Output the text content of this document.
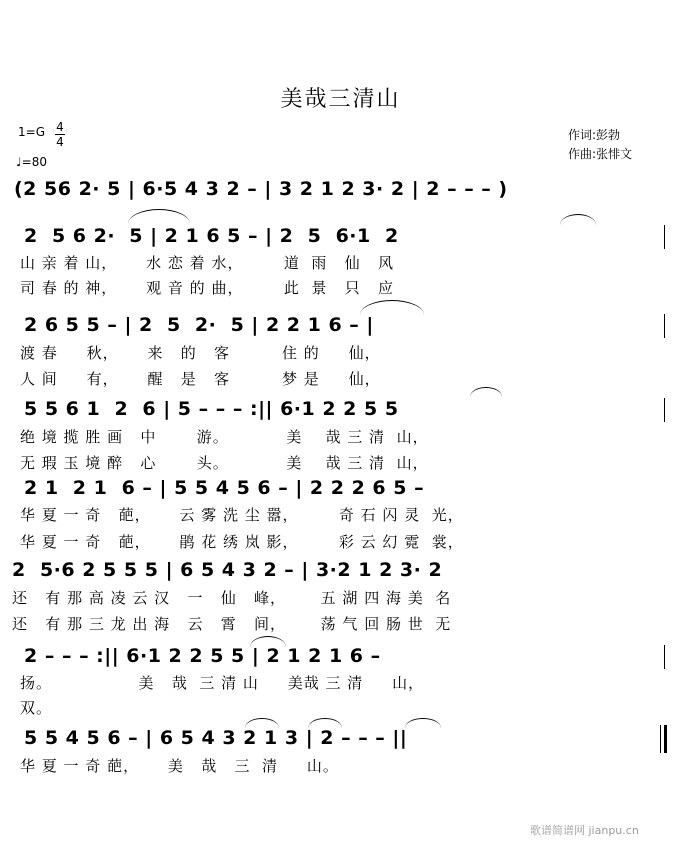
美哉三清山
1=G 4
4
♩=80
作词:彭勃
作曲:张悱文
(2 56 2· 5 | 6·5 4 3 2 – | 3 2 1 2 3· 2 | 2 – – – )
2  5 6 2·  5 | 2 1 6 5 – | 2  5  6·1  2
山 亲 着 山，     水 恋 着 水，       道  雨   仙   风
司 春 的 神，     观 音 的 曲，       此  景   只   应
2 6 5 5 – | 2  5  2·  5 | 2 2 1 6 – |
渡 春     秋，     来   的   客         住 的     仙，
人 间     有，     醒   是   客         梦 是     仙，
5 5 6 1  2  6 | 5 – – – :|| 6·1 2 2 5 5
绝 境 揽 胜 画   中       游。          美    哉 三 清  山，
无 瑕 玉 境 醉   心       头。          美    哉 三 清  山，
2 1  2 1  6 – | 5 5 4 5 6 – | 2 2 2 6 5 –
华 夏 一 奇   葩，     云 雾 洗 尘 嚣，       奇 石 闪 灵  光，
华 夏 一 奇   葩，     鹃 花 绣 岚 影，       彩 云 幻 霓  裳，
2  5·6 2 5 5 5 | 6 5 4 3 2 – | 3·2 1 2 3· 2
还   有 那 高 凌 云 汉   一   仙   峰，      五 湖 四 海 美  名
还   有 那 三 龙 出 海   云   霄   间，      荡 气 回 肠 世  无
2 – – – :|| 6·1 2 2 5 5 | 2 1 2 1 6 –
扬。               美   哉  三 清 山     美哉 三 清     山，
双。
5 5 4 5 6 – | 6 5 4 3 2 1 3 | 2 – – – ||
华 夏 一 奇 葩，     美   哉   三  清     山。
歌谱简谱网 jianpu.cn
